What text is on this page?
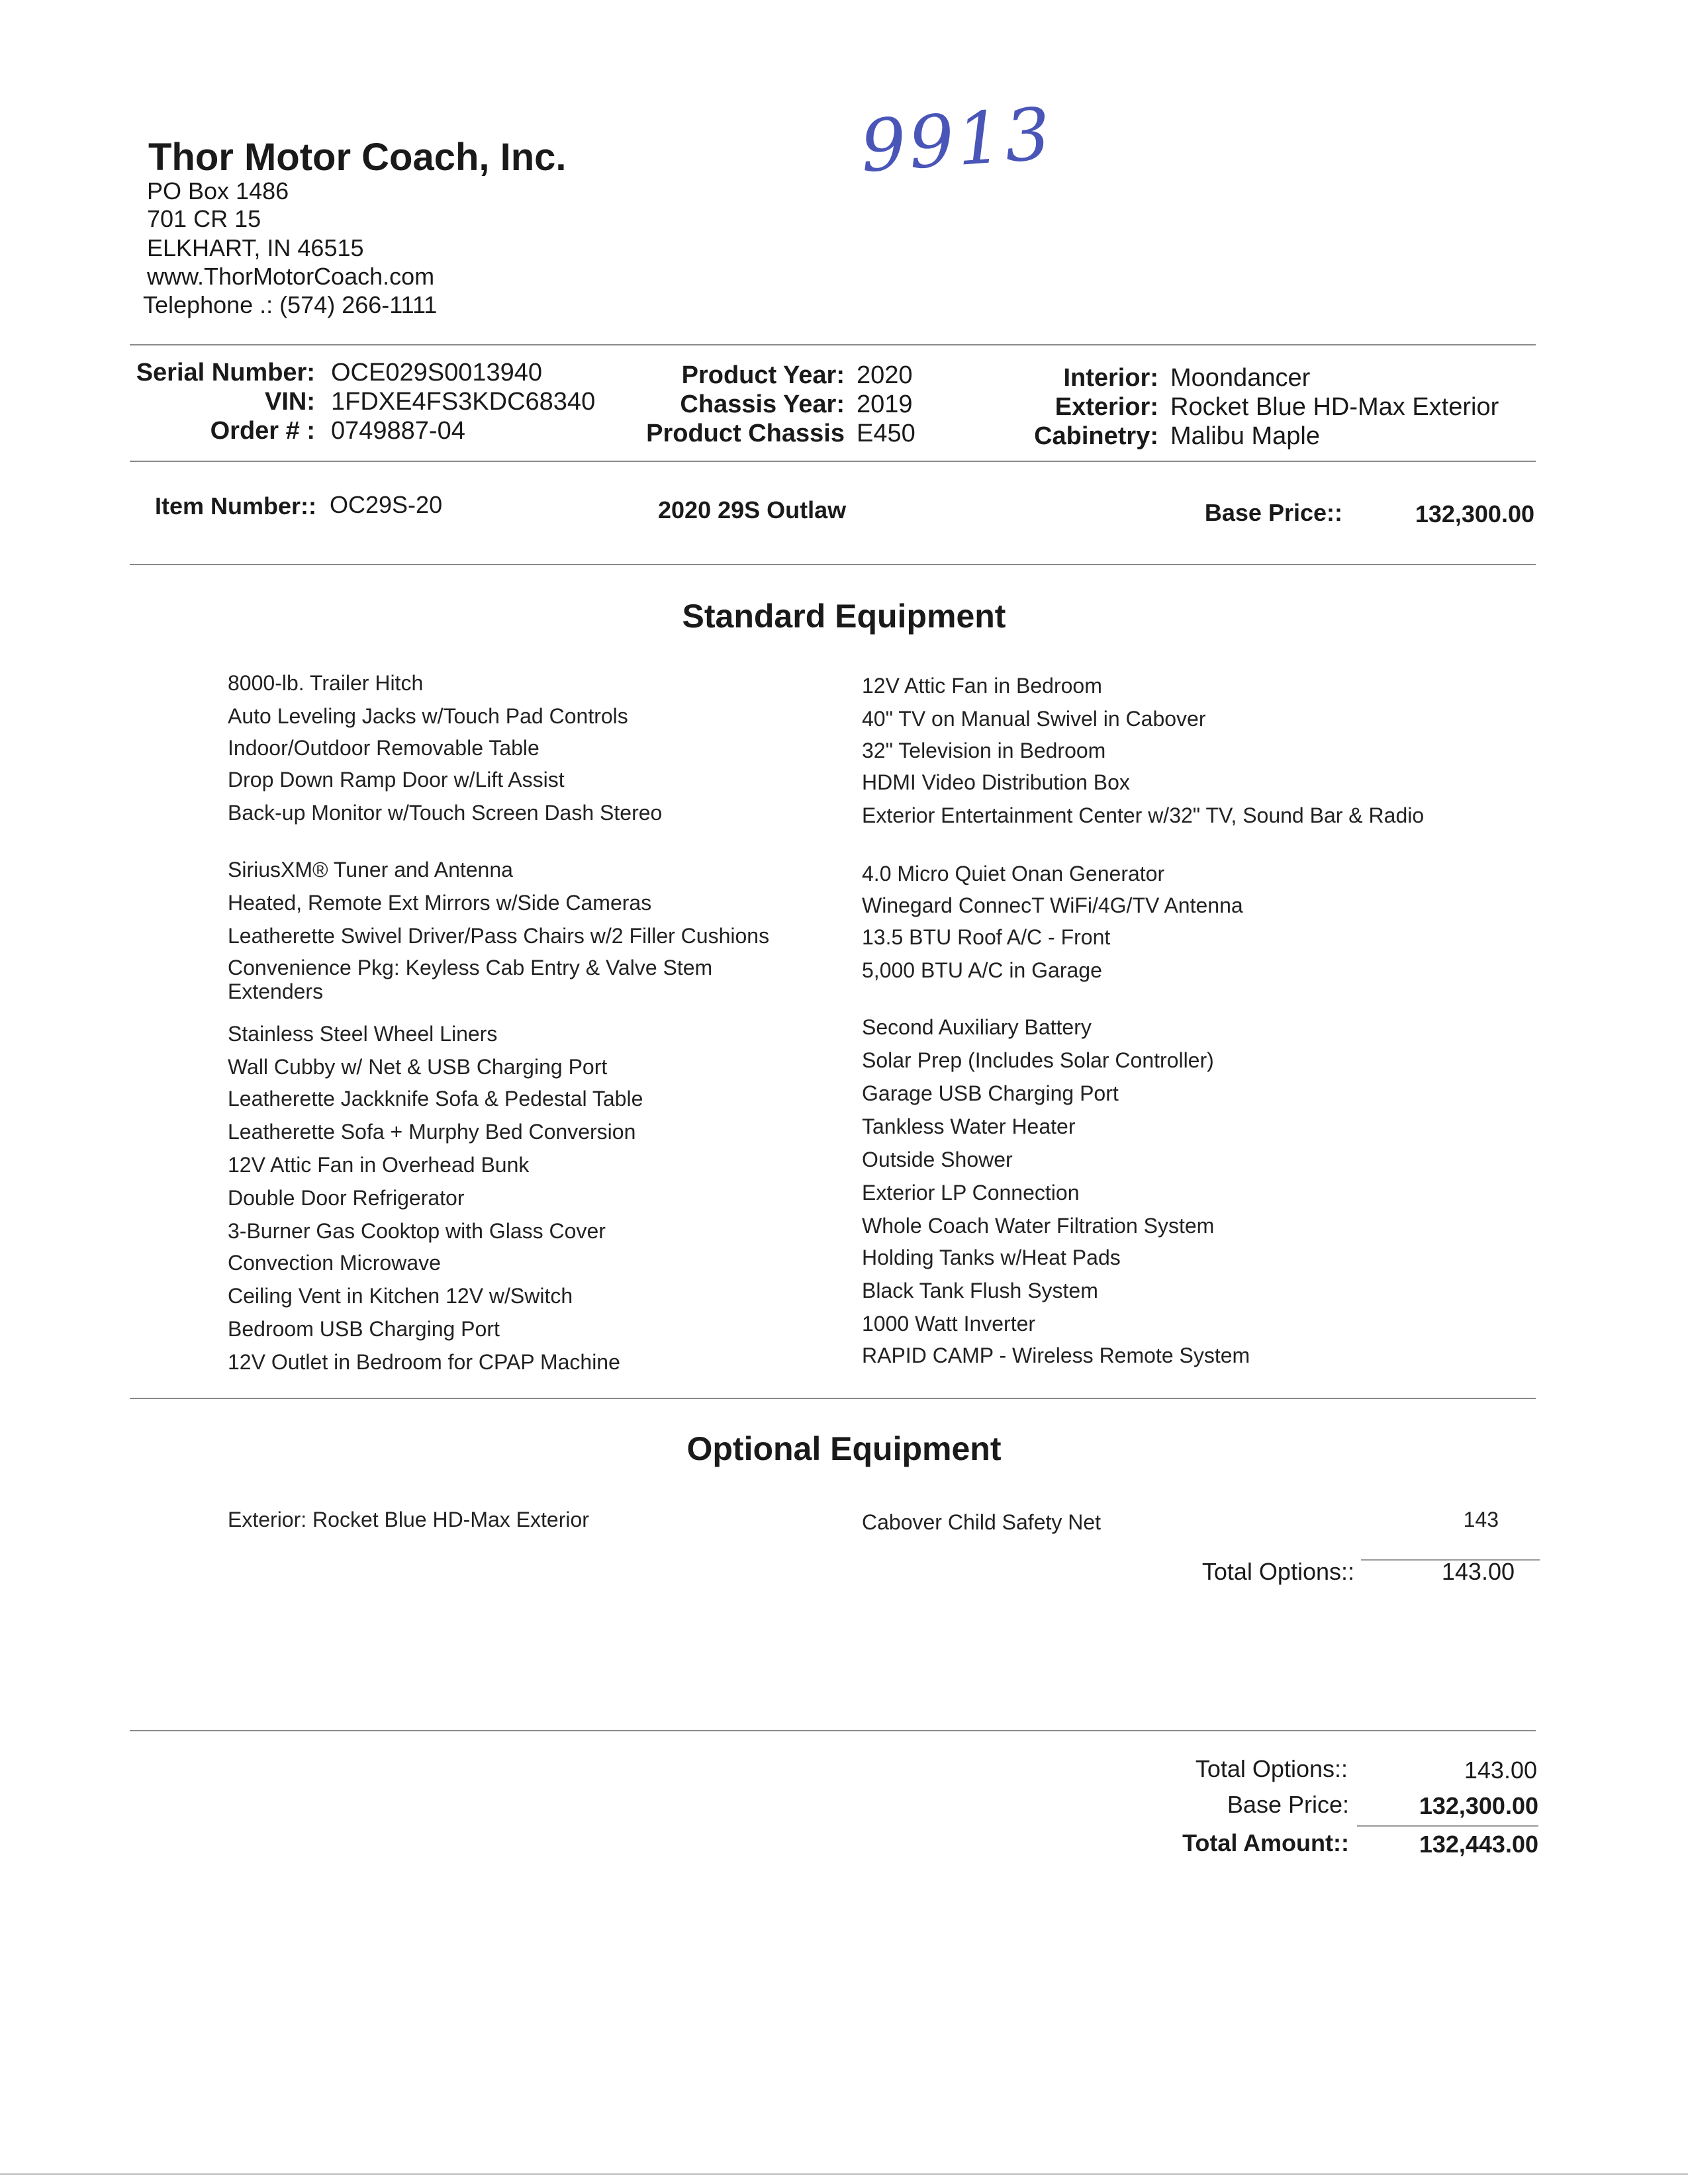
Thor Motor Coach, Inc.
PO Box 1486
701 CR 15
ELKHART, IN 46515
www.ThorMotorCoach.com
Telephone .: (574) 266-1111
9913
Serial Number: OCE029S0013940
VIN: 1FDXE4FS3KDC68340
Order # : 0749887-04
Product Year: 2020
Chassis Year: 2019
Product Chassis E450
Interior: Moondancer
Exterior: Rocket Blue HD-Max Exterior
Cabinetry: Malibu Maple
Item Number:: OC29S-20	2020 29S Outlaw	Base Price::	132,300.00
Standard Equipment
8000-lb. Trailer Hitch
Auto Leveling Jacks w/Touch Pad Controls
Indoor/Outdoor Removable Table
Drop Down Ramp Door w/Lift Assist
Back-up Monitor w/Touch Screen Dash Stereo
SiriusXM® Tuner and Antenna
Heated, Remote Ext Mirrors w/Side Cameras
Leatherette Swivel Driver/Pass Chairs w/2 Filler Cushions
Convenience Pkg: Keyless Cab Entry & Valve Stem Extenders
Stainless Steel Wheel Liners
Wall Cubby w/ Net & USB Charging Port
Leatherette Jackknife Sofa & Pedestal Table
Leatherette Sofa + Murphy Bed Conversion
12V Attic Fan in Overhead Bunk
Double Door Refrigerator
3-Burner Gas Cooktop with Glass Cover
Convection Microwave
Ceiling Vent in Kitchen 12V w/Switch
Bedroom USB Charging Port
12V Outlet in Bedroom for CPAP Machine
12V Attic Fan in Bedroom
40" TV on Manual Swivel in Cabover
32" Television in Bedroom
HDMI Video Distribution Box
Exterior Entertainment Center w/32" TV, Sound Bar & Radio
4.0 Micro Quiet Onan Generator
Winegard ConnecT WiFi/4G/TV Antenna
13.5 BTU Roof A/C - Front
5,000 BTU A/C in Garage
Second Auxiliary Battery
Solar Prep (Includes Solar Controller)
Garage USB Charging Port
Tankless Water Heater
Outside Shower
Exterior LP Connection
Whole Coach Water Filtration System
Holding Tanks w/Heat Pads
Black Tank Flush System
1000 Watt Inverter
RAPID CAMP - Wireless Remote System
Optional Equipment
Exterior: Rocket Blue HD-Max Exterior	Cabover Child Safety Net	143
Total Options::	143.00
Total Options::	143.00
Base Price:	132,300.00
Total Amount::	132,443.00
